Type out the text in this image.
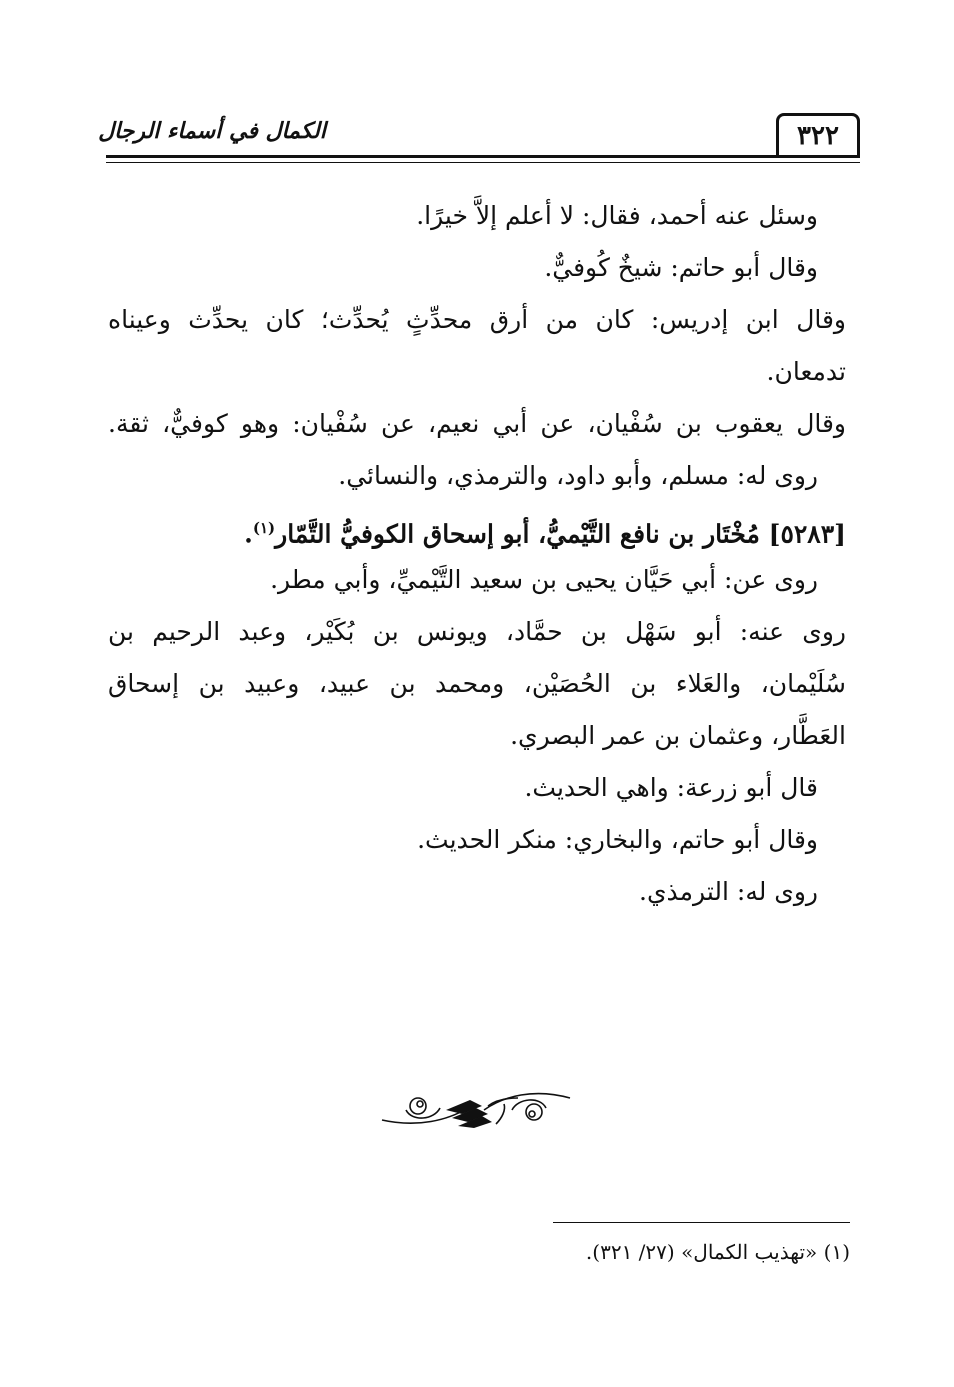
٣٢٢
الكمال في أسماء الرجال
وسئل عنه أحمد، فقال: لا أعلم إلاَّ خيرًا.
وقال أبو حاتم: شيخٌ كُوفيٌّ.
وقال ابن إدريس: كان من أرق محدِّثٍ يُحدِّث؛ كان يحدِّث وعيناه
تدمعان.
وقال يعقوب بن سُفْيان، عن أبي نعيم، عن سُفْيان: وهو كوفيٌّ، ثقة.
روى له: مسلم، وأبو داود، والترمذي، والنسائي.
[٥٢٨٣] مُخْتَار بن نافع التَّيْميُّ، أبو إسحاق الكوفيُّ التَّمّار$^{(١)}$.
روى عن: أبي حَيَّان يحيى بن سعيد التَّيْميِّ، وأبي مطر.
روى عنه: أبو سَهْل بن حمَّاد، ويونس بن بُكَيْر، وعبد الرحيم بن
سُلَيْمان، والعَلاء بن الحُصَيْن، ومحمد بن عبيد، وعبيد بن إسحاق
العَطَّار، وعثمان بن عمر البصري.
قال أبو زرعة: واهي الحديث.
وقال أبو حاتم، والبخاري: منكر الحديث.
روى له: الترمذي.
(١) «تهذيب الكمال» (٢٧/ ٣٢١).
